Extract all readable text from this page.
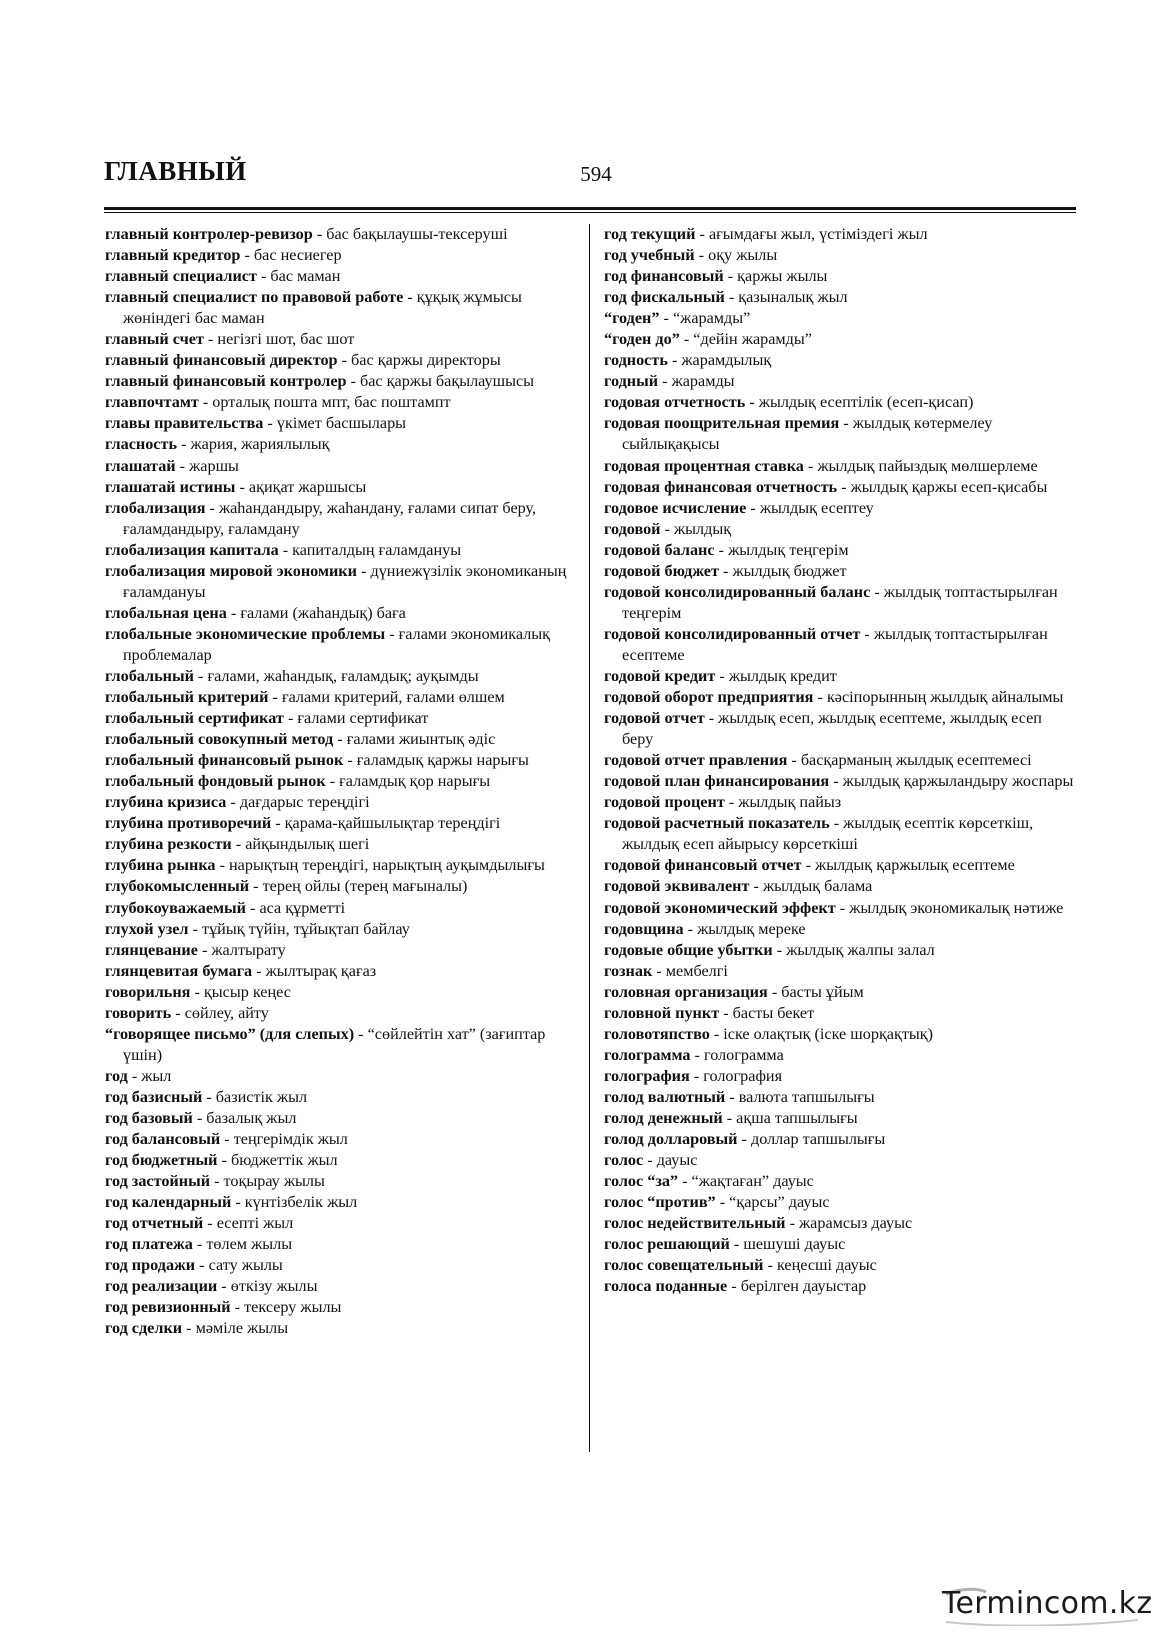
ГЛАВНЫЙ	594

главный контролер-ревизор - бас бақылаушы-тексеруші

главный кредитор - бас несиегер

главный специалист - бас маман

главный специалист по правовой работе - құқық жұмысы жөніндегі бас маман

главный счет - негізгі шот, бас шот

главный финансовый директор - бас қаржы директоры

главный финансовый контролер - бас қаржы бақылаушысы

главпочтамт - орталық пошта мпт, бас поштампт

главы правительства - үкімет басшылары

гласность - жария, жариялылық

глашатай - жаршы

глашатай истины - ақиқат жаршысы

глобализация - жаһандандыру, жаһандану, ғалами сипат беру, ғаламдандыру, ғаламдану

глобализация капитала - капиталдың ғаламдануы

глобализация мировой экономики - дүниежүзілік экономиканың ғаламдануы

глобальная цена - ғалами (жаһандық) баға

глобальные экономические проблемы - ғалами экономикалық проблемалар

глобальный - ғалами, жаһандық, ғаламдық; ауқымды

глобальный критерий - ғалами критерий, ғалами өлшем

глобальный сертификат - ғалами сертификат

глобальный совокупный метод - ғалами жиынтық әдіс

глобальный финансовый рынок - ғаламдық қаржы нарығы

глобальный фондовый рынок - ғаламдық қор нарығы

глубина кризиса - дағдарыс тереңдігі

глубина противоречий - қарама-қайшылықтар тереңдігі

глубина резкости - айқындылық шегі

глубина рынка - нарықтың тереңдігі, нарықтың ауқымдылығы

глубокомысленный - терең ойлы (терең мағыналы)

глубокоуважаемый - аса құрметті

глухой узел - тұйық түйін, тұйықтап байлау

глянцевание - жалтырату

глянцевитая бумага - жылтырақ қағаз

говорильня - қысыр кеңес

говорить - сөйлеу, айту

“говорящее письмо” (для слепых) - “сөйлейтін хат” (зағиптар үшін)

год - жыл

год базисный - базистік жыл

год базовый - базалық жыл

год балансовый - теңгерімдік жыл

год бюджетный - бюджеттік жыл

год застойный - тоқырау жылы

год календарный - күнтізбелік жыл

год отчетный - есепті жыл

год платежа - төлем жылы

год продажи - сату жылы

год реализации - өткізу жылы

год ревизионный - тексеру жылы

год сделки - мәміле жылы

год текущий - ағымдағы жыл, үстіміздегі жыл

год учебный - оқу жылы

год финансовый - қаржы жылы

год фискальный - қазыналық жыл

“годен” - “жарамды”

“годен до” - “дейін жарамды”

годность - жарамдылық

годный - жарамды

годовая отчетность - жылдық есептілік (есеп-қисап)

годовая поощрительная премия - жылдық көтермелеу сыйлықақысы

годовая процентная ставка - жылдық пайыздық мөлшерлеме

годовая финансовая отчетность - жылдық қаржы есеп-қисабы

годовое исчисление - жылдық есептеу

годовой - жылдық

годовой баланс - жылдық теңгерім

годовой бюджет - жылдық бюджет

годовой консолидированный баланс - жылдық топтастырылған теңгерім

годовой консолидированный отчет - жылдық топтастырылған есептеме

годовой кредит - жылдық кредит

годовой оборот предприятия - кәсіпорынның жылдық айналымы

годовой отчет - жылдық есеп, жылдық есептеме, жылдық есеп беру

годовой отчет правления - басқарманың жылдық есептемесі

годовой план финансирования - жылдық қаржыландыру жоспары

годовой процент - жылдық пайыз

годовой расчетный показатель - жылдық есептік көрсеткіш, жылдық есеп айырысу көрсеткіші

годовой финансовый отчет - жылдық қаржылық есептеме

годовой эквивалент - жылдық балама

годовой экономический эффект - жылдық экономикалық нәтиже

годовщина - жылдық мереке

годовые общие убытки - жылдық жалпы залал

гознак - мембелгі

головная организация - басты ұйым

головной пункт - басты бекет

головотяпство - іске олақтық (іске шорқақтық)

голограмма - голограмма

голография - голография

голод валютный - валюта тапшылығы

голод денежный - ақша тапшылығы

голод долларовый - доллар тапшылығы

голос - дауыс

голос “за” - “жақтаған” дауыс

голос “против” - “қарсы” дауыс

голос недействительный - жарамсыз дауыс

голос решающий - шешуші дауыс

голос совещательный - кеңесші дауыс

голоса поданные - берілген дауыстар

Termincom.kz
